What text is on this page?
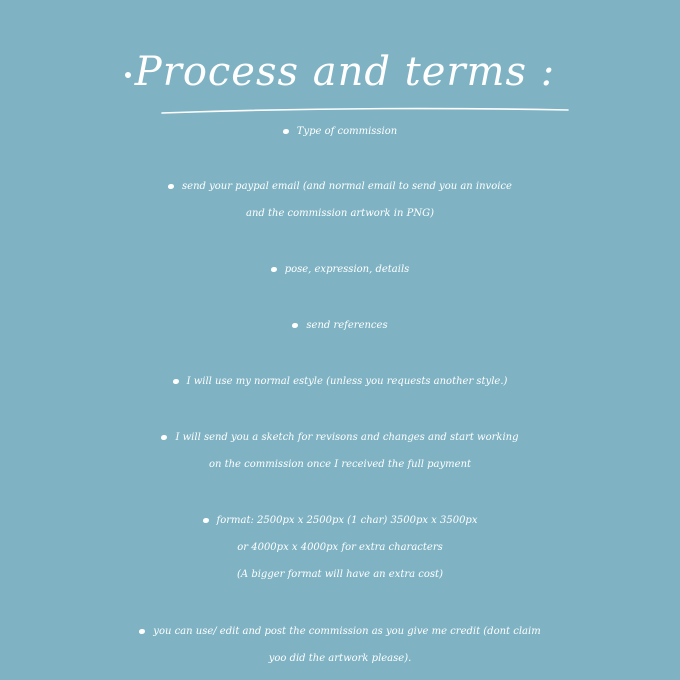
Process and terms :
Type of commission
send your paypal email (and normal email to send you an invoice
and the commission artwork in PNG)
pose, expression, details
send references
I will use my normal estyle (unless you requests another style.)
I will send you a sketch for revisons and changes and start working
on the commission once I received the full payment
format: 2500px x 2500px (1 char) 3500px x 3500px
or 4000px x 4000px for extra characters
(A bigger format will have an extra cost)
you can use/ edit and post the commission as you give me credit (dont claim
yoo did the artwork please).
